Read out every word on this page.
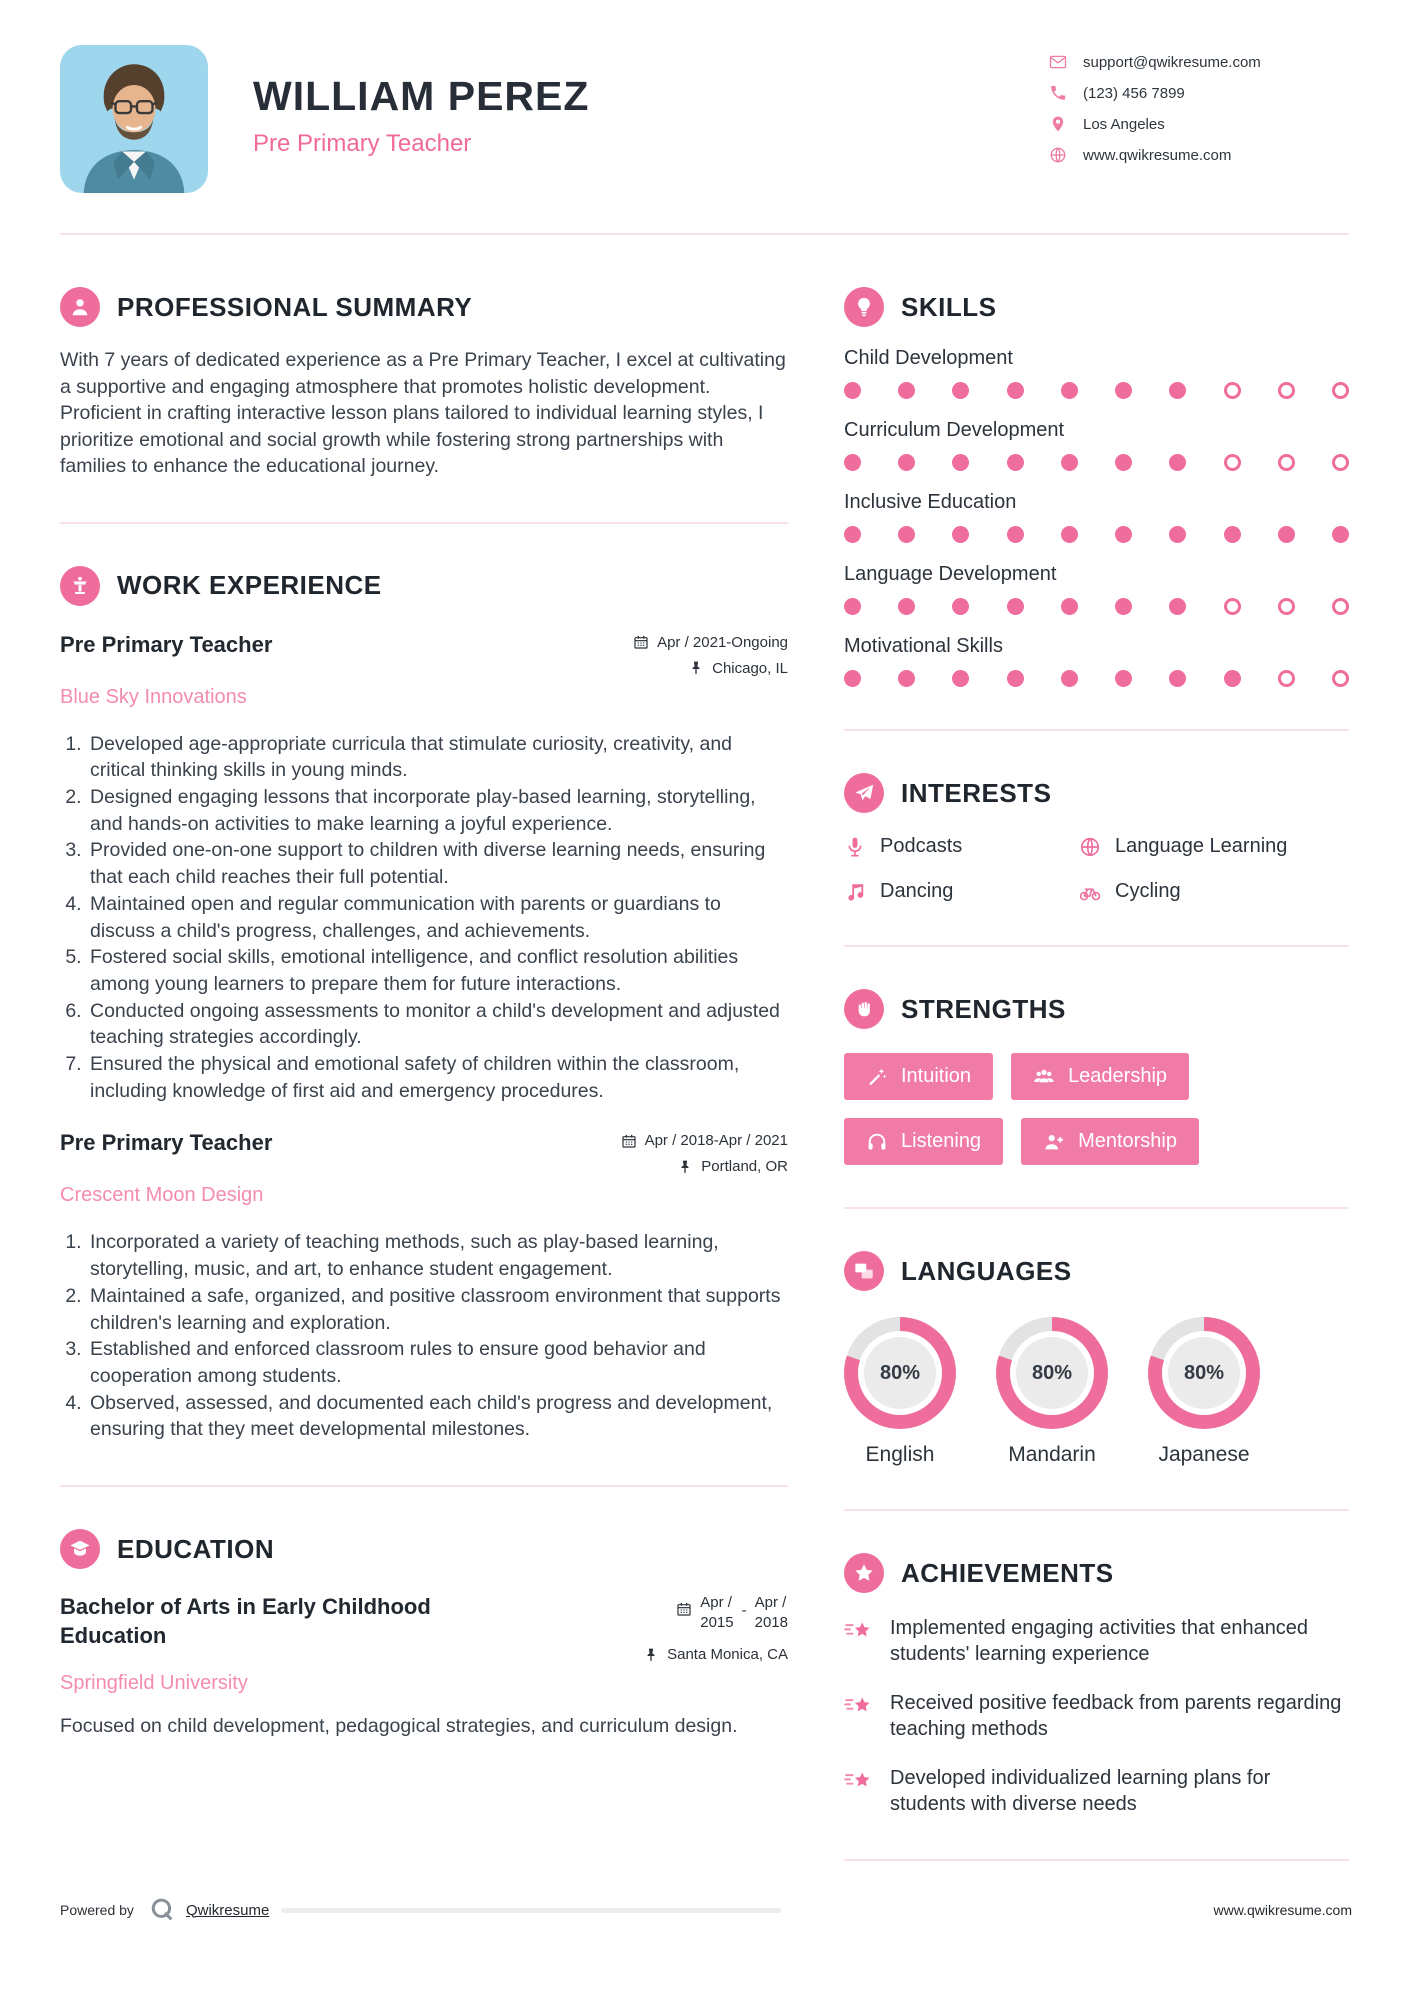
WILLIAM PEREZ
Pre Primary Teacher
support@qwikresume.com
(123) 456 7899
Los Angeles
www.qwikresume.com
PROFESSIONAL SUMMARY

With 7 years of dedicated experience as a Pre Primary Teacher, I excel at cultivating a supportive and engaging atmosphere that promotes holistic development. Proficient in crafting interactive lesson plans tailored to individual learning styles, I prioritize emotional and social growth while fostering strong partnerships with families to enhance the educational journey.

WORK EXPERIENCE
Pre Primary Teacher	Apr / 2021-Ongoing
Chicago, IL
Blue Sky Innovations
1. Developed age-appropriate curricula that stimulate curiosity, creativity, and critical thinking skills in young minds.
2. Designed engaging lessons that incorporate play-based learning, storytelling, and hands-on activities to make learning a joyful experience.
3. Provided one-on-one support to children with diverse learning needs, ensuring that each child reaches their full potential.
4. Maintained open and regular communication with parents or guardians to discuss a child's progress, challenges, and achievements.
5. Fostered social skills, emotional intelligence, and conflict resolution abilities among young learners to prepare them for future interactions.
6. Conducted ongoing assessments to monitor a child's development and adjusted teaching strategies accordingly.
7. Ensured the physical and emotional safety of children within the classroom, including knowledge of first aid and emergency procedures.
Pre Primary Teacher	Apr / 2018-Apr / 2021
Portland, OR
Crescent Moon Design
1. Incorporated a variety of teaching methods, such as play-based learning, storytelling, music, and art, to enhance student engagement.
2. Maintained a safe, organized, and positive classroom environment that supports children's learning and exploration.
3. Established and enforced classroom rules to ensure good behavior and cooperation among students.
4. Observed, assessed, and documented each child's progress and development, ensuring that they meet developmental milestones.
EDUCATION
Bachelor of Arts in Early Childhood Education
Apr /
2015
- Apr /
2018
Santa Monica, CA
Springfield University

Focused on child development, pedagogical strategies, and curriculum design.

SKILLS
Child Development
Curriculum Development
Inclusive Education
Language Development
Motivational Skills
INTERESTS
Podcasts	Language Learning
Dancing	Cycling
STRENGTHS
Intuition	Leadership
Listening	Mentorship
LANGUAGES
80%
English
80%
Mandarin
80%
Japanese
ACHIEVEMENTS
Implemented engaging activities that enhanced students' learning experience
Received positive feedback from parents regarding teaching methods
Developed individualized learning plans for students with diverse needs
Powered by	Qwikresume	www.qwikresume.com
